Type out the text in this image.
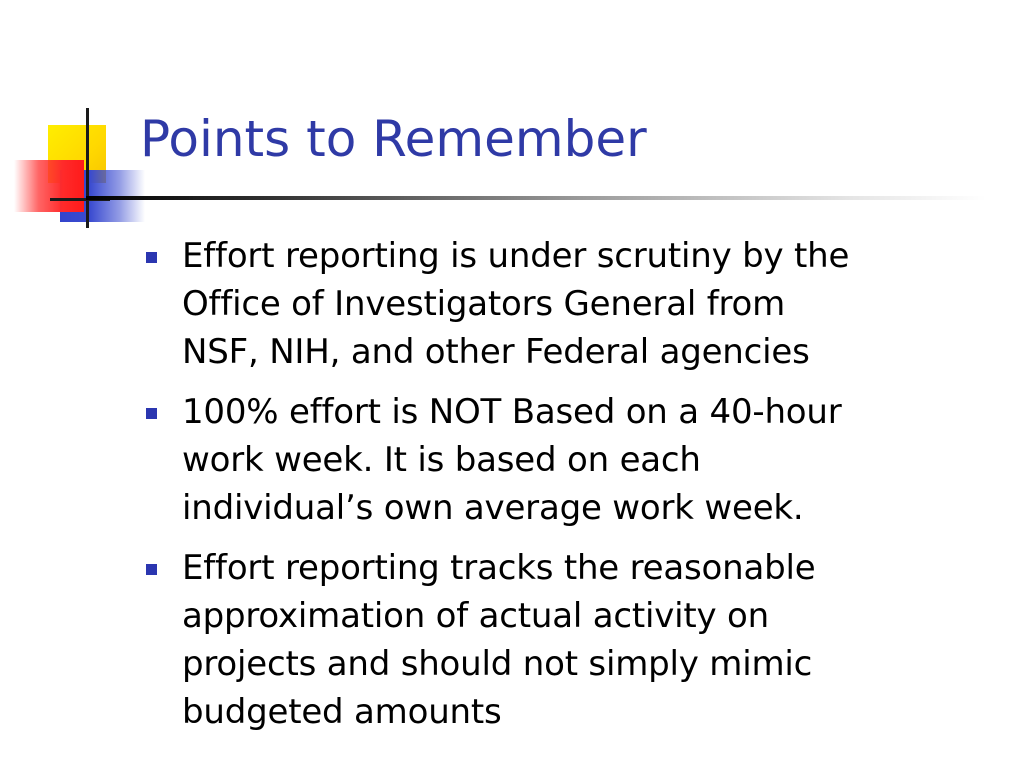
Points to Remember
Effort reporting is under scrutiny by the
Office of Investigators General from
NSF, NIH, and other Federal agencies
100% effort is NOT Based on a 40-hour
work week. It is based on each
individual’s own average work week.
Effort reporting tracks the reasonable
approximation of actual activity on
projects and should not simply mimic
budgeted amounts
